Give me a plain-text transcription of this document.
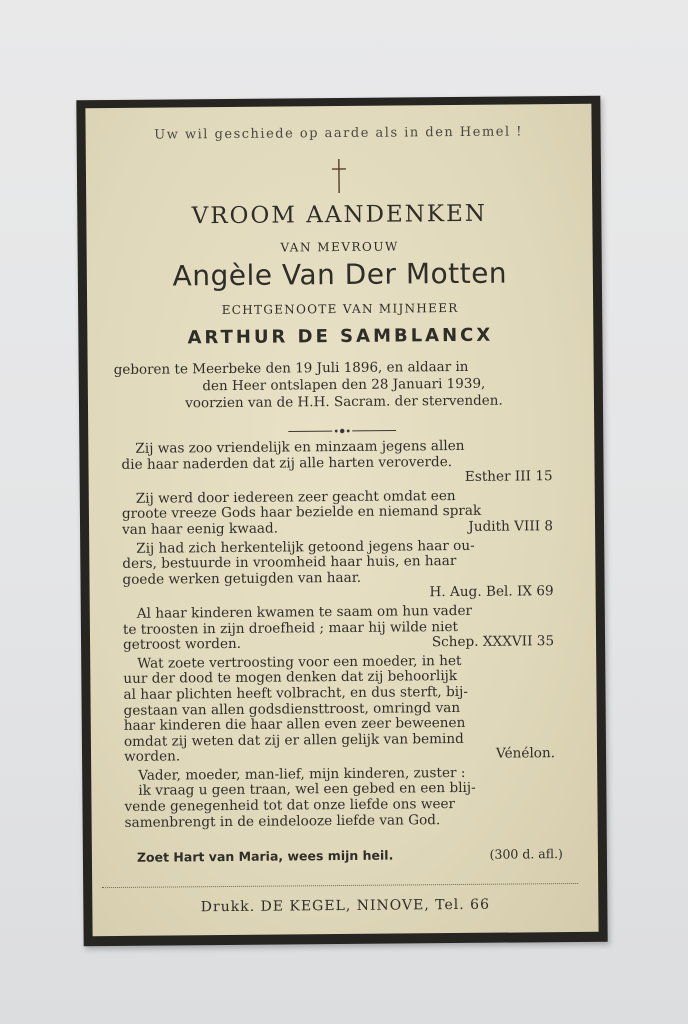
Uw wil geschiede op aarde als in den Hemel !
VROOM AANDENKEN
VAN MEVROUW
Angèle Van Der Motten
ECHTGENOOTE VAN MIJNHEER
ARTHUR DE SAMBLANCX
geboren te Meerbeke den 19 Juli 1896, en aldaar in
den Heer ontslapen den 28 Januari 1939,
voorzien van de H.H. Sacram. der stervenden.

Zij was zoo vriendelijk en minzaam jegens allen

die haar naderden dat zij alle harten veroverde.

Esther III 15

Zij werd door iedereen zeer geacht omdat een

groote vreeze Gods haar bezielde en niemand sprak

van haar eenig kwaad.	Judith VIII 8

Zij had zich herkentelijk getoond jegens haar ou-

ders, bestuurde in vroomheid haar huis, en haar

goede werken getuigden van haar.

H. Aug. Bel. IX 69

Al haar kinderen kwamen te saam om hun vader

te troosten in zijn droefheid ; maar hij wilde niet

getroost worden.	Schep. XXXVII 35

Wat zoete vertroosting voor een moeder, in het

uur der dood te mogen denken dat zij behoorlijk

al haar plichten heeft volbracht, en dus sterft, bij-

gestaan van allen godsdiensttroost, omringd van

haar kinderen die haar allen even zeer beweenen

omdat zij weten dat zij er allen gelijk van bemind

worden.	Vénélon.

Vader, moeder, man-lief, mijn kinderen, zuster :

ik vraag u geen traan, wel een gebed en een blij-

vende genegenheid tot dat onze liefde ons weer

samenbrengt in de eindelooze liefde van God.

Zoet Hart van Maria, wees mijn heil.	(300 d. afl.)
Drukk. DE KEGEL, NINOVE, Tel. 66
